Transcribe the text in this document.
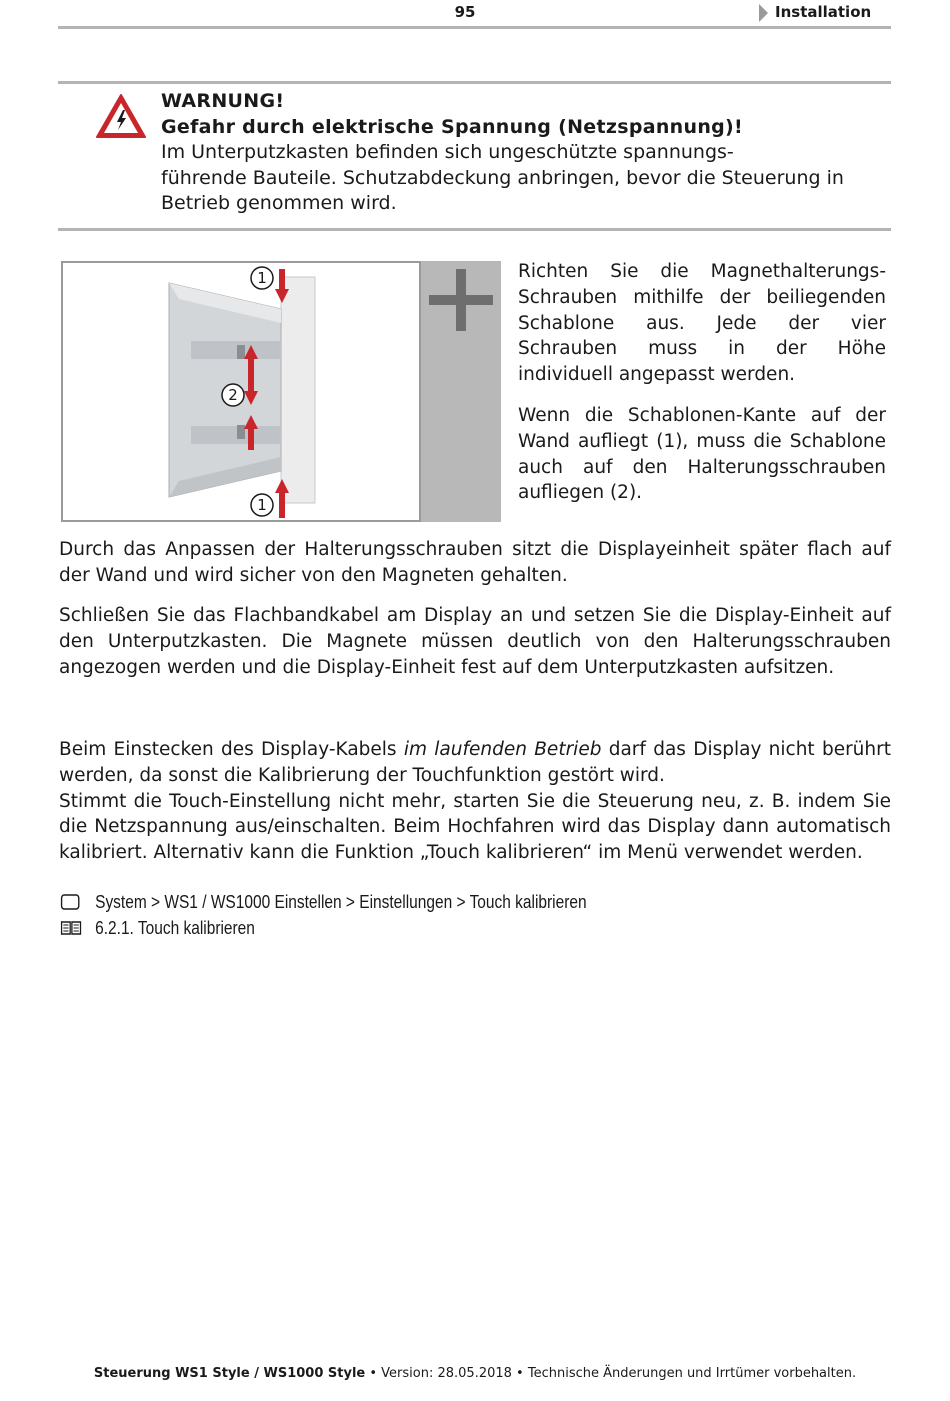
95	Installation
WARNUNG!
Gefahr durch elektrische Spannung (Netzspannung)!
Im Unterputzkasten befinden sich ungeschützte spannungs-
führende Bauteile. Schutzabdeckung anbringen, bevor die Steuerung in
Betrieb genommen wird.
1
2
1

Richten Sie die Magnethalterungs-Schrauben mithilfe der beiliegenden Schablone aus. Jede der vier Schrauben muss in der Höhe individuell angepasst werden.

Wenn die Schablonen-Kante auf der Wand aufliegt (1), muss die Schablone auch auf den Halterungsschrauben aufliegen (2).

Durch das Anpassen der Halterungsschrauben sitzt die Displayeinheit später flach auf der Wand und wird sicher von den Magneten gehalten.

Schließen Sie das Flachbandkabel am Display an und setzen Sie die Display-Einheit auf den Unterputzkasten. Die Magnete müssen deutlich von den Halterungsschrauben angezogen werden und die Display-Einheit fest auf dem Unterputzkasten aufsitzen.

Beim Einstecken des Display-Kabels im laufenden Betrieb darf das Display nicht berührt werden, da sonst die Kalibrierung der Touchfunktion gestört wird.
Stimmt die Touch-Einstellung nicht mehr, starten Sie die Steuerung neu, z. B. indem Sie die Netzspannung aus/einschalten. Beim Hochfahren wird das Display dann automatisch kalibriert. Alternativ kann die Funktion „Touch kalibrieren“ im Menü verwendet werden.
System > WS1 / WS1000 Einstellen > Einstellungen > Touch kalibrieren
6.2.1. Touch kalibrieren
Steuerung WS1 Style / WS1000 Style • Version: 28.05.2018 • Technische Änderungen und Irrtümer vorbehalten.
